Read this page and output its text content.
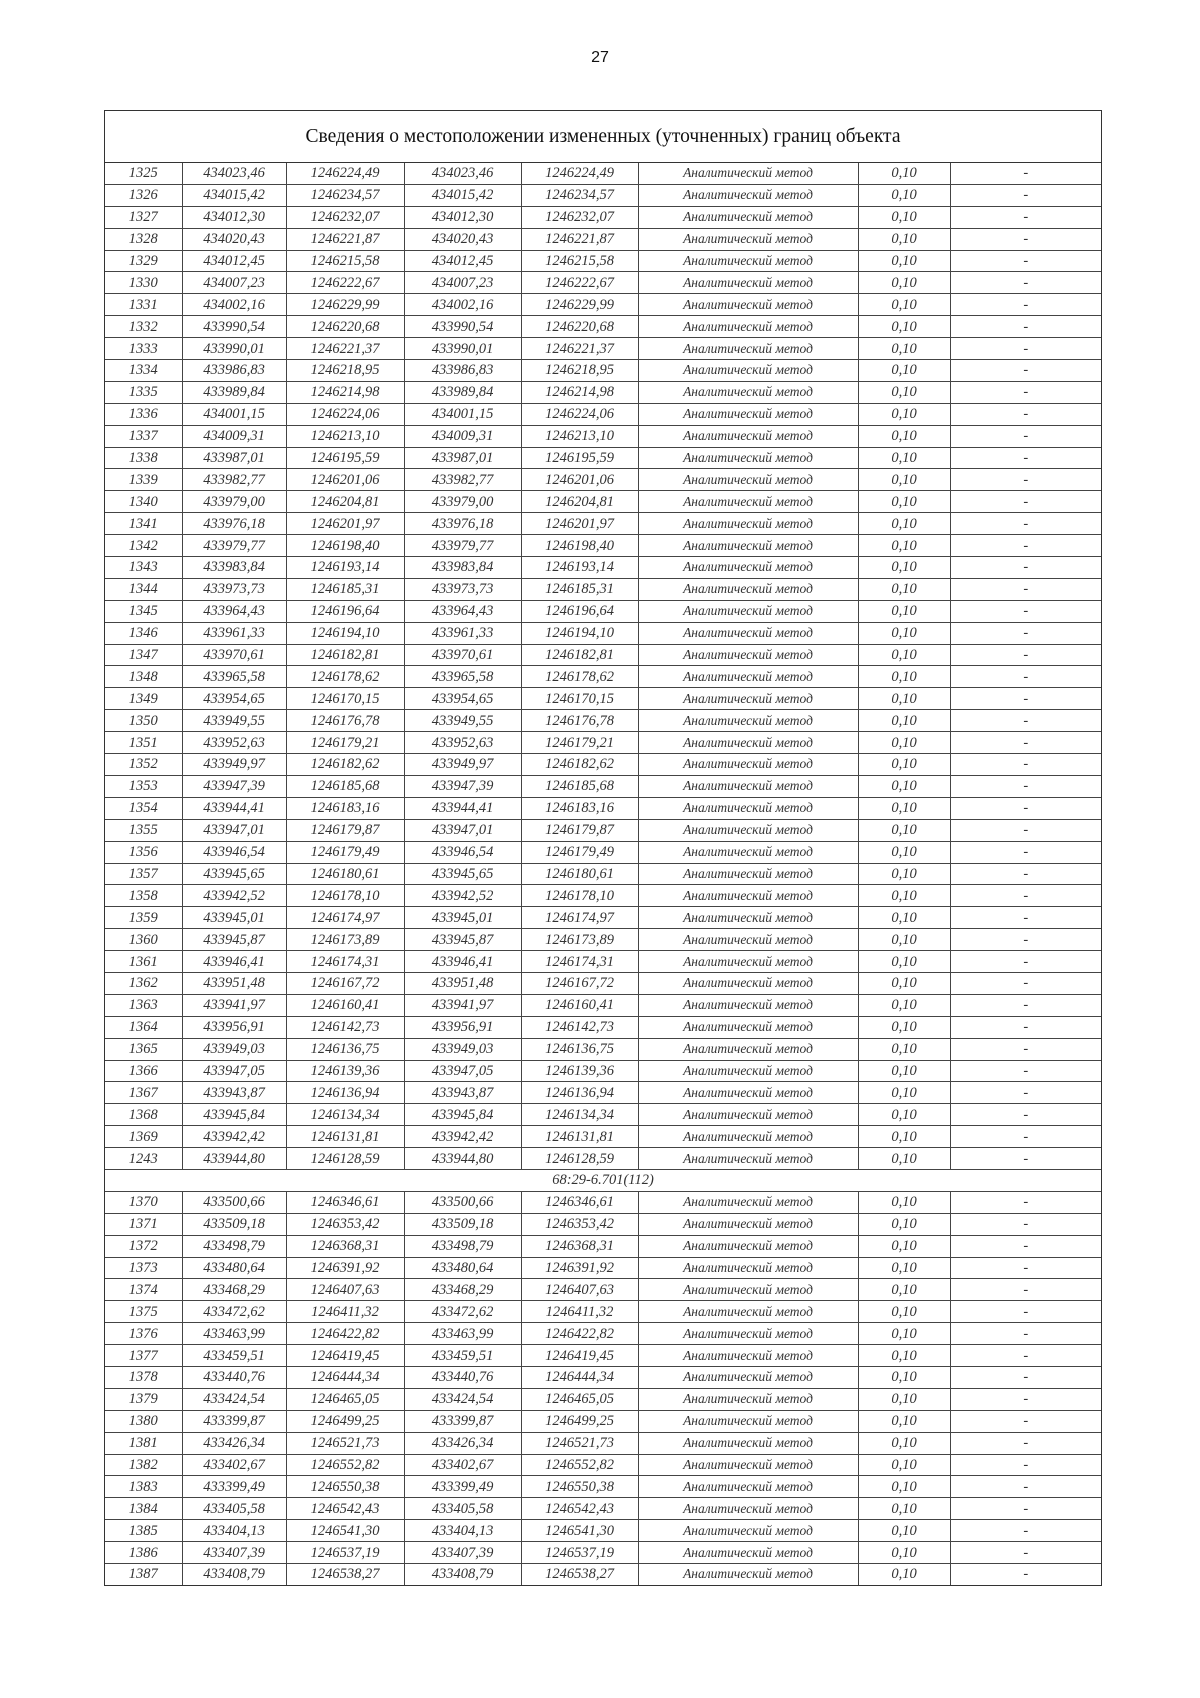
27
Сведения о местоположении измененных (уточненных) границ объекта
1325	434023,46	1246224,49	434023,46	1246224,49	Аналитический метод	0,10	-
1326	434015,42	1246234,57	434015,42	1246234,57	Аналитический метод	0,10	-
1327	434012,30	1246232,07	434012,30	1246232,07	Аналитический метод	0,10	-
1328	434020,43	1246221,87	434020,43	1246221,87	Аналитический метод	0,10	-
1329	434012,45	1246215,58	434012,45	1246215,58	Аналитический метод	0,10	-
1330	434007,23	1246222,67	434007,23	1246222,67	Аналитический метод	0,10	-
1331	434002,16	1246229,99	434002,16	1246229,99	Аналитический метод	0,10	-
1332	433990,54	1246220,68	433990,54	1246220,68	Аналитический метод	0,10	-
1333	433990,01	1246221,37	433990,01	1246221,37	Аналитический метод	0,10	-
1334	433986,83	1246218,95	433986,83	1246218,95	Аналитический метод	0,10	-
1335	433989,84	1246214,98	433989,84	1246214,98	Аналитический метод	0,10	-
1336	434001,15	1246224,06	434001,15	1246224,06	Аналитический метод	0,10	-
1337	434009,31	1246213,10	434009,31	1246213,10	Аналитический метод	0,10	-
1338	433987,01	1246195,59	433987,01	1246195,59	Аналитический метод	0,10	-
1339	433982,77	1246201,06	433982,77	1246201,06	Аналитический метод	0,10	-
1340	433979,00	1246204,81	433979,00	1246204,81	Аналитический метод	0,10	-
1341	433976,18	1246201,97	433976,18	1246201,97	Аналитический метод	0,10	-
1342	433979,77	1246198,40	433979,77	1246198,40	Аналитический метод	0,10	-
1343	433983,84	1246193,14	433983,84	1246193,14	Аналитический метод	0,10	-
1344	433973,73	1246185,31	433973,73	1246185,31	Аналитический метод	0,10	-
1345	433964,43	1246196,64	433964,43	1246196,64	Аналитический метод	0,10	-
1346	433961,33	1246194,10	433961,33	1246194,10	Аналитический метод	0,10	-
1347	433970,61	1246182,81	433970,61	1246182,81	Аналитический метод	0,10	-
1348	433965,58	1246178,62	433965,58	1246178,62	Аналитический метод	0,10	-
1349	433954,65	1246170,15	433954,65	1246170,15	Аналитический метод	0,10	-
1350	433949,55	1246176,78	433949,55	1246176,78	Аналитический метод	0,10	-
1351	433952,63	1246179,21	433952,63	1246179,21	Аналитический метод	0,10	-
1352	433949,97	1246182,62	433949,97	1246182,62	Аналитический метод	0,10	-
1353	433947,39	1246185,68	433947,39	1246185,68	Аналитический метод	0,10	-
1354	433944,41	1246183,16	433944,41	1246183,16	Аналитический метод	0,10	-
1355	433947,01	1246179,87	433947,01	1246179,87	Аналитический метод	0,10	-
1356	433946,54	1246179,49	433946,54	1246179,49	Аналитический метод	0,10	-
1357	433945,65	1246180,61	433945,65	1246180,61	Аналитический метод	0,10	-
1358	433942,52	1246178,10	433942,52	1246178,10	Аналитический метод	0,10	-
1359	433945,01	1246174,97	433945,01	1246174,97	Аналитический метод	0,10	-
1360	433945,87	1246173,89	433945,87	1246173,89	Аналитический метод	0,10	-
1361	433946,41	1246174,31	433946,41	1246174,31	Аналитический метод	0,10	-
1362	433951,48	1246167,72	433951,48	1246167,72	Аналитический метод	0,10	-
1363	433941,97	1246160,41	433941,97	1246160,41	Аналитический метод	0,10	-
1364	433956,91	1246142,73	433956,91	1246142,73	Аналитический метод	0,10	-
1365	433949,03	1246136,75	433949,03	1246136,75	Аналитический метод	0,10	-
1366	433947,05	1246139,36	433947,05	1246139,36	Аналитический метод	0,10	-
1367	433943,87	1246136,94	433943,87	1246136,94	Аналитический метод	0,10	-
1368	433945,84	1246134,34	433945,84	1246134,34	Аналитический метод	0,10	-
1369	433942,42	1246131,81	433942,42	1246131,81	Аналитический метод	0,10	-
1243	433944,80	1246128,59	433944,80	1246128,59	Аналитический метод	0,10	-
68:29-6.701(112)							
1370	433500,66	1246346,61	433500,66	1246346,61	Аналитический метод	0,10	-
1371	433509,18	1246353,42	433509,18	1246353,42	Аналитический метод	0,10	-
1372	433498,79	1246368,31	433498,79	1246368,31	Аналитический метод	0,10	-
1373	433480,64	1246391,92	433480,64	1246391,92	Аналитический метод	0,10	-
1374	433468,29	1246407,63	433468,29	1246407,63	Аналитический метод	0,10	-
1375	433472,62	1246411,32	433472,62	1246411,32	Аналитический метод	0,10	-
1376	433463,99	1246422,82	433463,99	1246422,82	Аналитический метод	0,10	-
1377	433459,51	1246419,45	433459,51	1246419,45	Аналитический метод	0,10	-
1378	433440,76	1246444,34	433440,76	1246444,34	Аналитический метод	0,10	-
1379	433424,54	1246465,05	433424,54	1246465,05	Аналитический метод	0,10	-
1380	433399,87	1246499,25	433399,87	1246499,25	Аналитический метод	0,10	-
1381	433426,34	1246521,73	433426,34	1246521,73	Аналитический метод	0,10	-
1382	433402,67	1246552,82	433402,67	1246552,82	Аналитический метод	0,10	-
1383	433399,49	1246550,38	433399,49	1246550,38	Аналитический метод	0,10	-
1384	433405,58	1246542,43	433405,58	1246542,43	Аналитический метод	0,10	-
1385	433404,13	1246541,30	433404,13	1246541,30	Аналитический метод	0,10	-
1386	433407,39	1246537,19	433407,39	1246537,19	Аналитический метод	0,10	-
1387	433408,79	1246538,27	433408,79	1246538,27	Аналитический метод	0,10	-
